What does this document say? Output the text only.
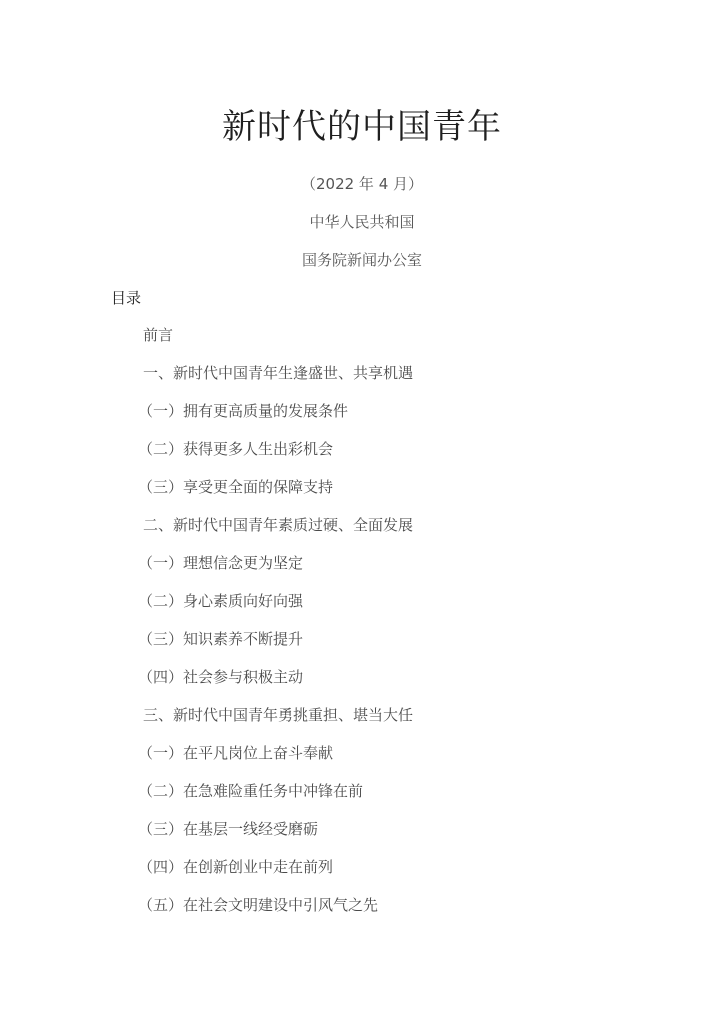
新时代的中国青年
（2022 年 4 月）
中华人民共和国
国务院新闻办公室
目录
前言
一、新时代中国青年生逢盛世、共享机遇
（一）拥有更高质量的发展条件
（二）获得更多人生出彩机会
（三）享受更全面的保障支持
二、新时代中国青年素质过硬、全面发展
（一）理想信念更为坚定
（二）身心素质向好向强
（三）知识素养不断提升
（四）社会参与积极主动
三、新时代中国青年勇挑重担、堪当大任
（一）在平凡岗位上奋斗奉献
（二）在急难险重任务中冲锋在前
（三）在基层一线经受磨砺
（四）在创新创业中走在前列
（五）在社会文明建设中引风气之先
